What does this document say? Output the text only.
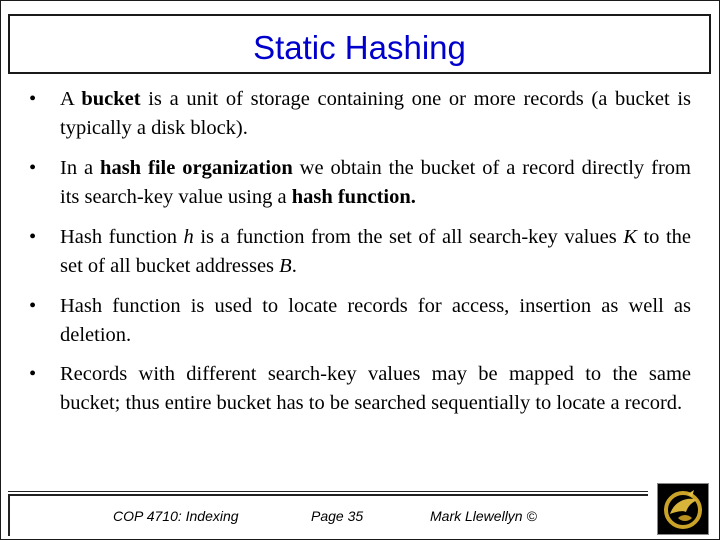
Static Hashing
• A bucket is a unit of storage containing one or more records (a bucket is typically a disk block).
• In a hash file organization we obtain the bucket of a record directly from its search-key value using a hash function.
• Hash function h is a function from the set of all search-key values K to the set of all bucket addresses B.
• Hash function is used to locate records for access, insertion as well as deletion.
• Records with different search-key values may be mapped to the same bucket; thus entire bucket has to be searched sequentially to locate a record.
COP 4710: Indexing	Page 35	Mark Llewellyn ©
